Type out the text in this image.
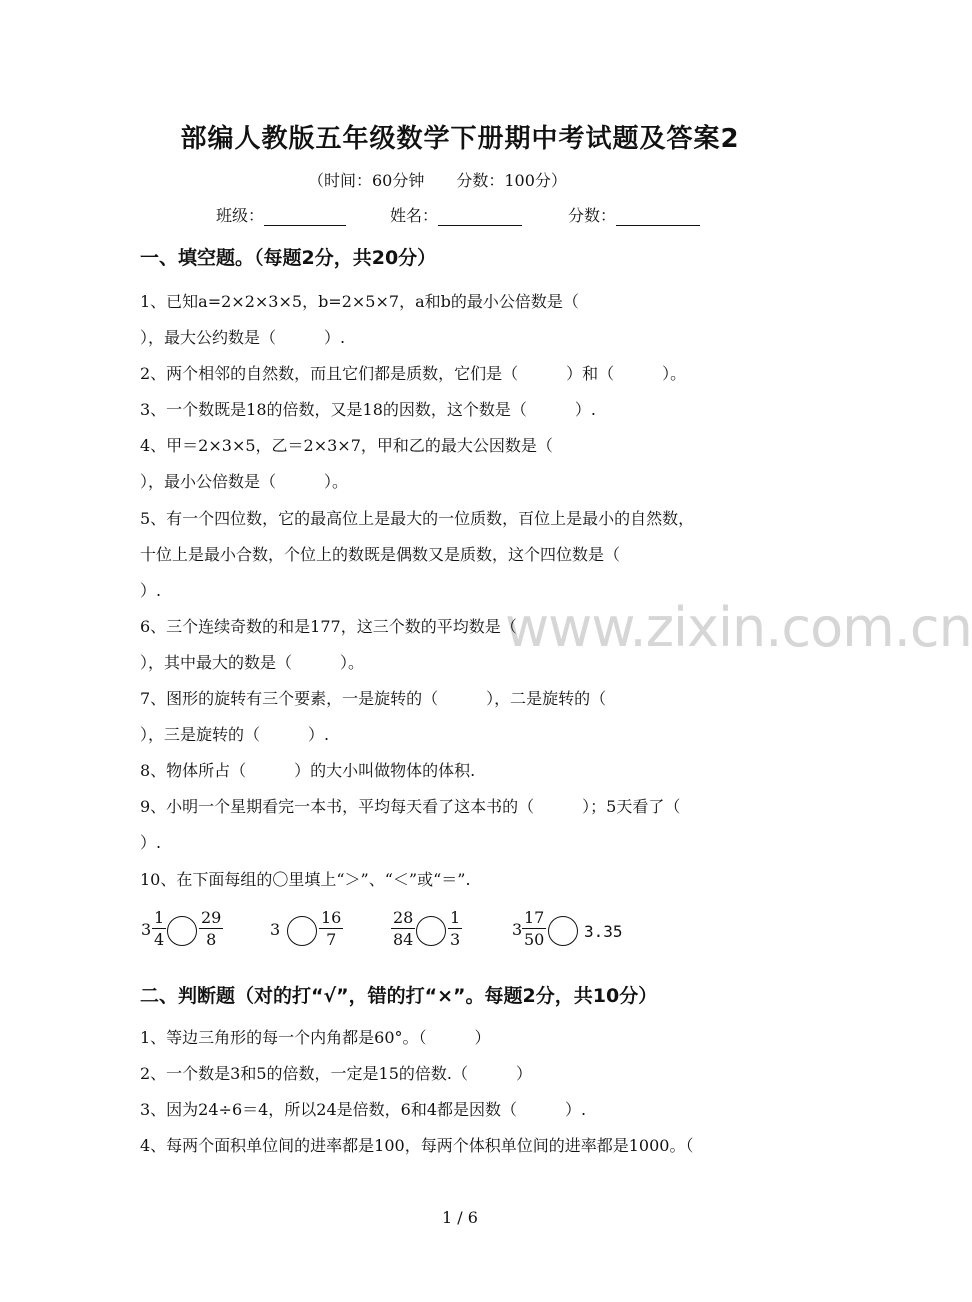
www.zixin.com.cn
部编人教版五年级数学下册期中考试题及答案2
（时间：60分钟　　分数：100分）
班级：	姓名：	分数：
一、填空题。（每题2分，共20分）
1、已知a=2×2×3×5，b=2×5×7，a和b的最小公倍数是（
），最大公约数是（　　　）.
2、两个相邻的自然数，而且它们都是质数，它们是（　　　）和（　　　）。
3、一个数既是18的倍数，又是18的因数，这个数是（　　　）.
4、甲＝2×3×5，乙＝2×3×7，甲和乙的最大公因数是（
），最小公倍数是（　　　）。
5、有一个四位数，它的最高位上是最大的一位质数，百位上是最小的自然数，
十位上是最小合数，个位上的数既是偶数又是质数，这个四位数是（
）.
6、三个连续奇数的和是177，这三个数的平均数是（
），其中最大的数是（　　　）。
7、图形的旋转有三个要素，一是旋转的（　　　），二是旋转的（
），三是旋转的（　　　）.
8、物体所占（　　　）的大小叫做物体的体积.
9、小明一个星期看完一本书，平均每天看了这本书的（　　　）；5天看了（
）.
10、在下面每组的〇里填上“＞”、“＜”或“＝”.
$3 \frac{1}{4} \frac{29}{8}$	$3 \frac{16}{7}$	$\frac{28}{84} \frac{1}{3}$	$3 \frac{17}{50} 3.35$
二、判断题（对的打“√”，错的打“×”。每题2分，共10分）
1、等边三角形的每一个内角都是60°。（　　　）
2、一个数是3和5的倍数，一定是15的倍数.（　　　）
3、因为24÷6＝4，所以24是倍数，6和4都是因数（　　　）.
4、每两个面积单位间的进率都是100，每两个体积单位间的进率都是1000。（
1 / 6
